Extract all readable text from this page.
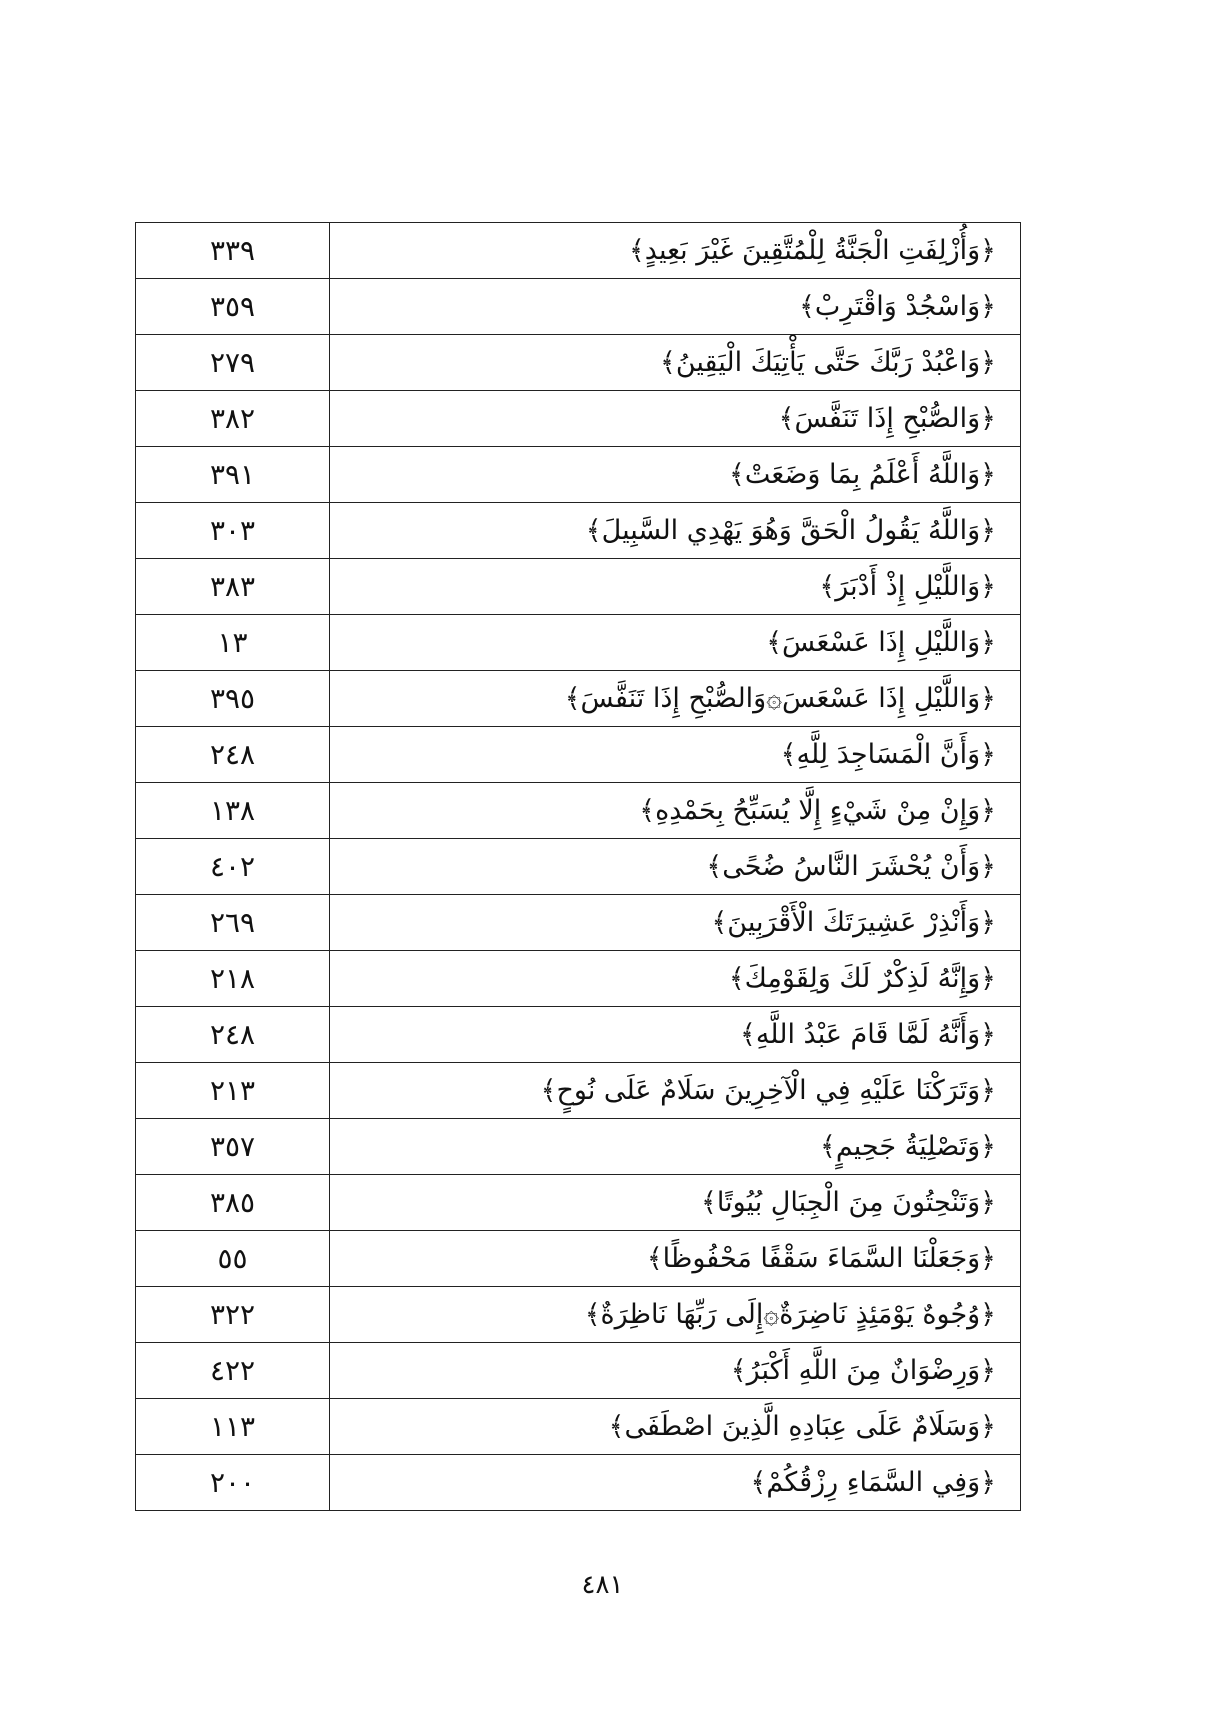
٣٣٩	﴿وَأُزْلِفَتِ الْجَنَّةُ لِلْمُتَّقِينَ غَيْرَ بَعِيدٍ﴾
٣٥٩	﴿وَاسْجُدْ وَاقْتَرِبْ﴾
٢٧٩	﴿وَاعْبُدْ رَبَّكَ حَتَّى يَأْتِيَكَ الْيَقِينُ﴾
٣٨٢	﴿وَالصُّبْحِ إِذَا تَنَفَّسَ﴾
٣٩١	﴿وَاللَّهُ أَعْلَمُ بِمَا وَضَعَتْ﴾
٣٠٣	﴿وَاللَّهُ يَقُولُ الْحَقَّ وَهُوَ يَهْدِي السَّبِيلَ﴾
٣٨٣	﴿وَاللَّيْلِ إِذْ أَدْبَرَ﴾
١٣	﴿وَاللَّيْلِ إِذَا عَسْعَسَ﴾
٣٩٥	﴿وَاللَّيْلِ إِذَا عَسْعَسَ۞وَالصُّبْحِ إِذَا تَنَفَّسَ﴾
٢٤٨	﴿وَأَنَّ الْمَسَاجِدَ لِلَّهِ﴾
١٣٨	﴿وَإِنْ مِنْ شَيْءٍ إِلَّا يُسَبِّحُ بِحَمْدِهِ﴾
٤٠٢	﴿وَأَنْ يُحْشَرَ النَّاسُ ضُحًى﴾
٢٦٩	﴿وَأَنْذِرْ عَشِيرَتَكَ الْأَقْرَبِينَ﴾
٢١٨	﴿وَإِنَّهُ لَذِكْرٌ لَكَ وَلِقَوْمِكَ﴾
٢٤٨	﴿وَأَنَّهُ لَمَّا قَامَ عَبْدُ اللَّهِ﴾
٢١٣	﴿وَتَرَكْنَا عَلَيْهِ فِي الْآخِرِينَ سَلَامٌ عَلَى نُوحٍ﴾
٣٥٧	﴿وَتَصْلِيَةُ جَحِيمٍ﴾
٣٨٥	﴿وَتَنْحِتُونَ مِنَ الْجِبَالِ بُيُوتًا﴾
٥٥	﴿وَجَعَلْنَا السَّمَاءَ سَقْفًا مَحْفُوظًا﴾
٣٢٢	﴿وُجُوهٌ يَوْمَئِذٍ نَاضِرَةٌ۞إِلَى رَبِّهَا نَاظِرَةٌ﴾
٤٢٢	﴿وَرِضْوَانٌ مِنَ اللَّهِ أَكْبَرُ﴾
١١٣	﴿وَسَلَامٌ عَلَى عِبَادِهِ الَّذِينَ اصْطَفَى﴾
٢٠٠	﴿وَفِي السَّمَاءِ رِزْقُكُمْ﴾
٤٨١
